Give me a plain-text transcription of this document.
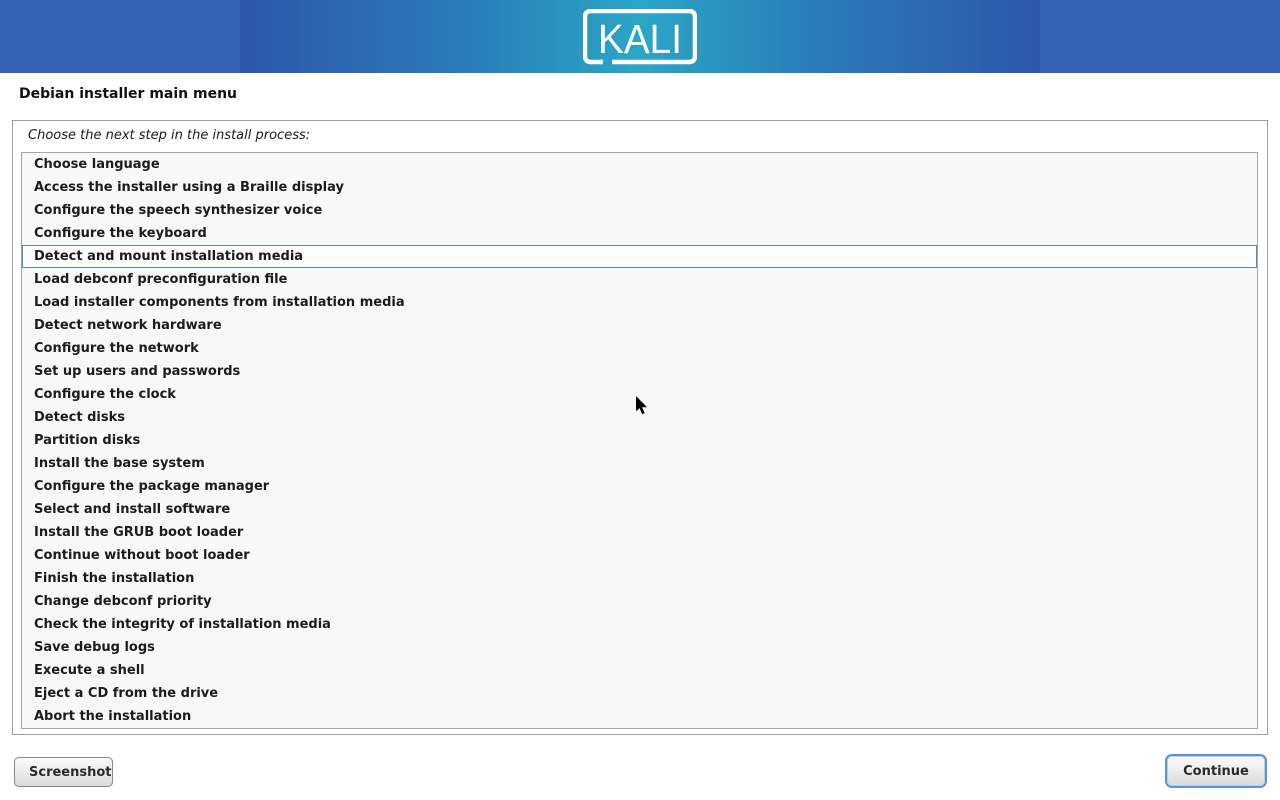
KALI
Debian installer main menu
Choose the next step in the install process:
Choose language
Access the installer using a Braille display
Configure the speech synthesizer voice
Configure the keyboard
Detect and mount installation media
Load debconf preconfiguration file
Load installer components from installation media
Detect network hardware
Configure the network
Set up users and passwords
Configure the clock
Detect disks
Partition disks
Install the base system
Configure the package manager
Select and install software
Install the GRUB boot loader
Continue without boot loader
Finish the installation
Change debconf priority
Check the integrity of installation media
Save debug logs
Execute a shell
Eject a CD from the drive
Abort the installation
Screenshot	Continue
